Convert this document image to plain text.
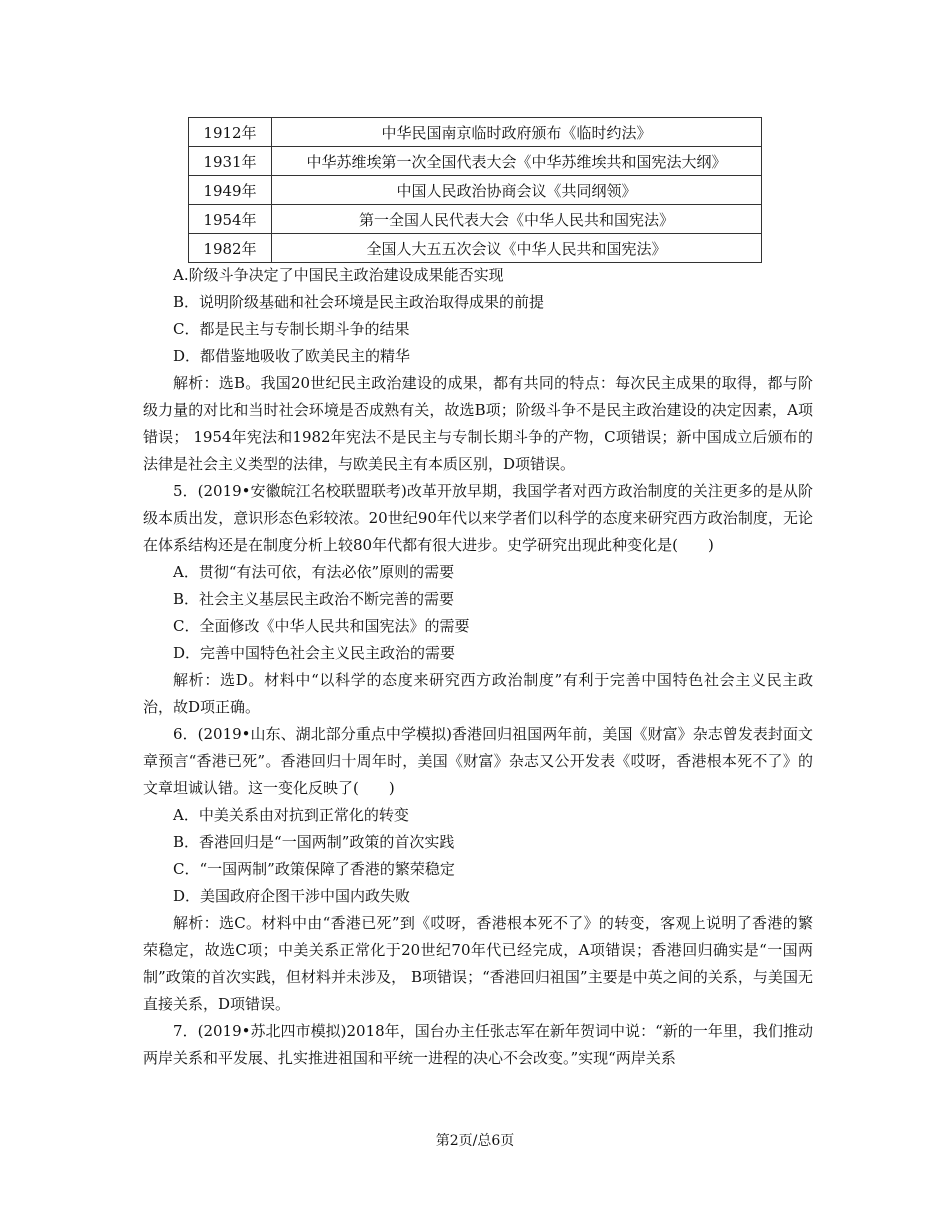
1912年	中华民国南京临时政府颁布《临时约法》
1931年	中华苏维埃第一次全国代表大会《中华苏维埃共和国宪法大纲》
1949年	中国人民政治协商会议《共同纲领》
1954年	第一全国人民代表大会《中华人民共和国宪法》
1982年	全国人大五五次会议《中华人民共和国宪法》

A.阶级斗争决定了中国民主政治建设成果能否实现

B．说明阶级基础和社会环境是民主政治取得成果的前提

C．都是民主与专制长期斗争的结果

D．都借鉴地吸收了欧美民主的精华

解析：选B。我国20世纪民主政治建设的成果，都有共同的特点：每次民主成果的取得，都与阶级力量的对比和当时社会环境是否成熟有关，故选B项；阶级斗争不是民主政治建设的决定因素，A项错误； 1954年宪法和1982年宪法不是民主与专制长期斗争的产物，C项错误；新中国成立后颁布的法律是社会主义类型的法律，与欧美民主有本质区别，D项错误。

5．(2019•安徽皖江名校联盟联考)改革开放早期，我国学者对西方政治制度的关注更多的是从阶级本质出发，意识形态色彩较浓。20世纪90年代以来学者们以科学的态度来研究西方政治制度，无论在体系结构还是在制度分析上较80年代都有很大进步。史学研究出现此种变化是(　　)

A．贯彻“有法可依，有法必依”原则的需要

B．社会主义基层民主政治不断完善的需要

C．全面修改《中华人民共和国宪法》的需要

D．完善中国特色社会主义民主政治的需要

解析：选D。材料中“以科学的态度来研究西方政治制度”有利于完善中国特色社会主义民主政治，故D项正确。

6．(2019•山东、湖北部分重点中学模拟)香港回归祖国两年前，美国《财富》杂志曾发表封面文章预言“香港已死”。香港回归十周年时，美国《财富》杂志又公开发表《哎呀，香港根本死不了》的文章坦诚认错。这一变化反映了(　　)

A．中美关系由对抗到正常化的转变

B．香港回归是“一国两制”政策的首次实践

C．“一国两制”政策保障了香港的繁荣稳定

D．美国政府企图干涉中国内政失败

解析：选C。材料中由“香港已死”到《哎呀，香港根本死不了》的转变，客观上说明了香港的繁荣稳定，故选C项；中美关系正常化于20世纪70年代已经完成，A项错误；香港回归确实是“一国两制”政策的首次实践，但材料并未涉及， B项错误；“香港回归祖国”主要是中英之间的关系，与美国无直接关系，D项错误。

7．(2019•苏北四市模拟)2018年，国台办主任张志军在新年贺词中说：“新的一年里，我们推动两岸关系和平发展、扎实推进祖国和平统一进程的决心不会改变。”实现“两岸关系

第2页/总6页
